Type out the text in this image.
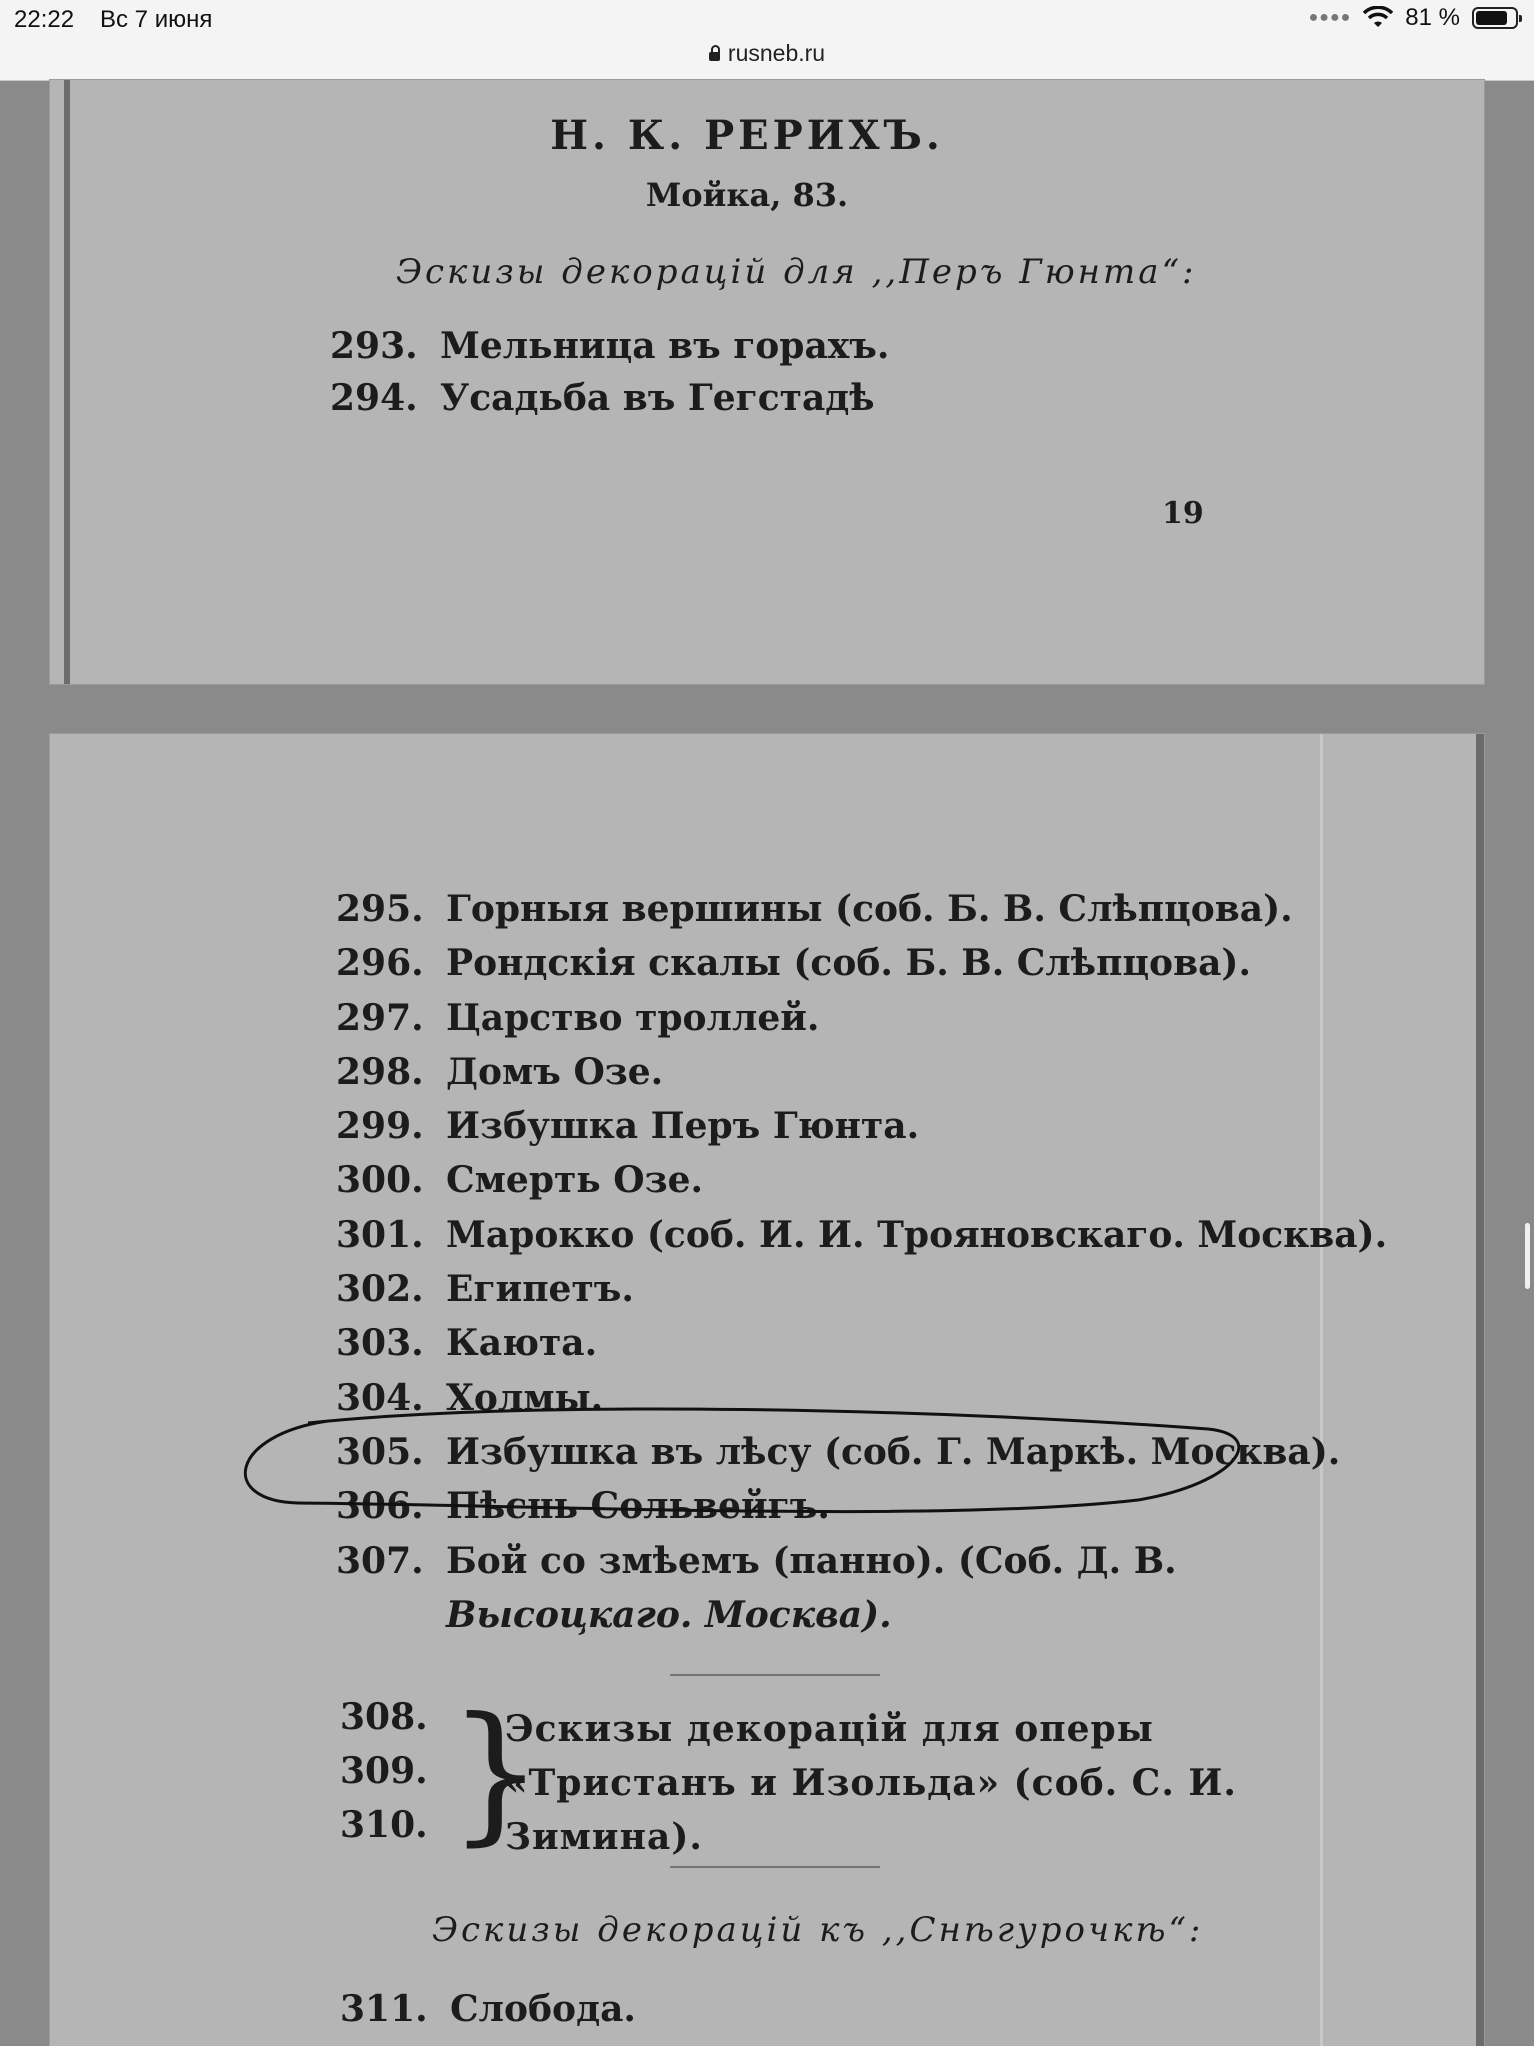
22:22 Вс 7 июня	●●●● 81 %
rusneb.ru
Н. К. РЕРИХЪ.
Мойка, 83.
Эскизы декорацій для ,,Перъ Гюнта“:
293. Мельница въ горахъ.
294. Усадьба въ Гегстадѣ
19
295. Горныя вершины (соб. Б. В. Слѣпцова).
296. Рондскія скалы (соб. Б. В. Слѣпцова).
297. Царство троллей.
298. Домъ Озе.
299. Избушка Перъ Гюнта.
300. Смерть Озе.
301. Марокко (соб. И. И. Трояновскаго. Москва).
302. Египетъ.
303. Каюта.
304. Холмы.
305. Избушка въ лѣсу (соб. Г. Маркѣ. Москва).
306. Пѣснь Сольвейгъ.
307. Бой со змѣемъ (панно). (Соб. Д. В.
Высоцкаго. Москва).
308.
309.
310. }
Эскизы декорацій для оперы «Тристанъ и Изольда» (соб. С. И. Зимина).
Эскизы декорацій къ ,,Снѣгурочкѣ“:
311. Слобода.
